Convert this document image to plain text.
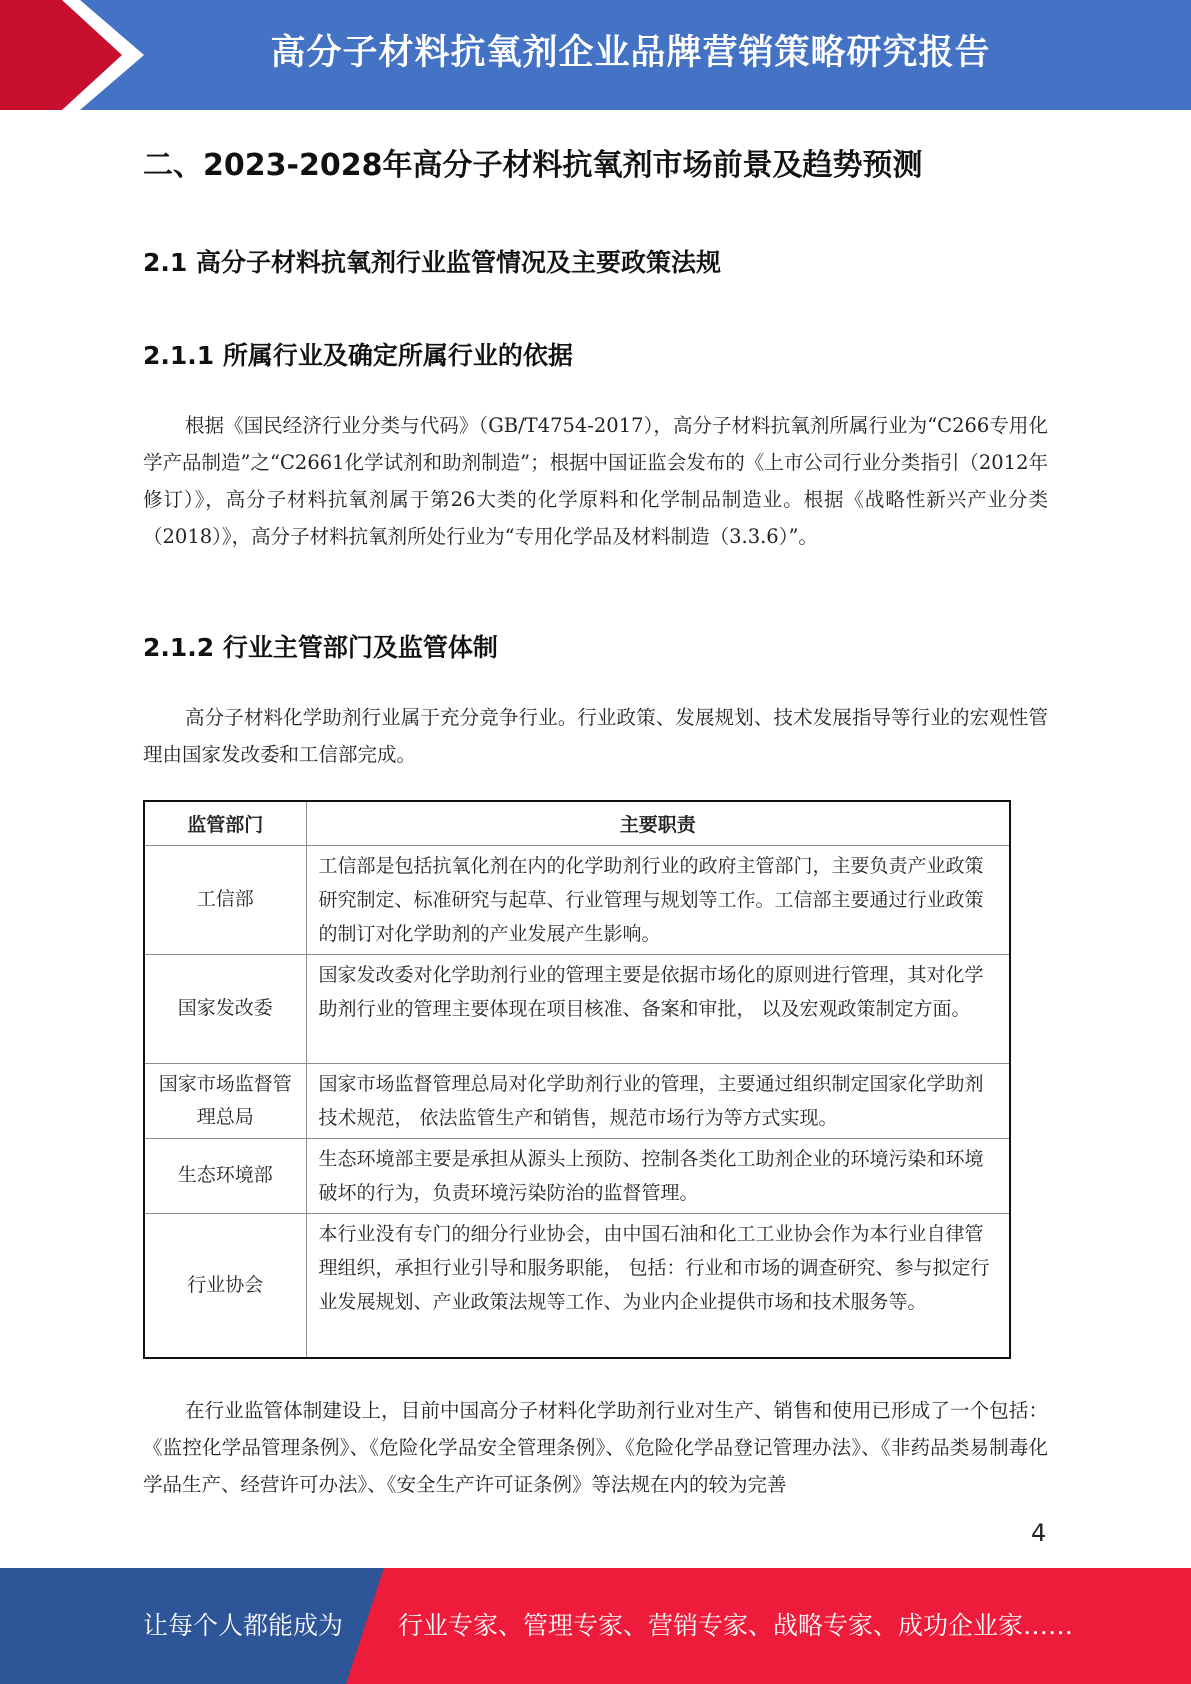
高分子材料抗氧剂企业品牌营销策略研究报告
二、2023-2028年高分子材料抗氧剂市场前景及趋势预测
2.1 高分子材料抗氧剂行业监管情况及主要政策法规
2.1.1 所属行业及确定所属行业的依据
根据《国民经济行业分类与代码》（GB/T4754-2017），高分子材料抗氧剂所属行业为“C266专用化学产品制造”之“C2661化学试剂和助剂制造”；根据中国证监会发布的《上市公司行业分类指引（2012年修订）》，高分子材料抗氧剂属于第26大类的化学原料和化学制品制造业。根据《战略性新兴产业分类（2018）》，高分子材料抗氧剂所处行业为“专用化学品及材料制造（3.3.6）”。
2.1.2 行业主管部门及监管体制
高分子材料化学助剂行业属于充分竞争行业。行业政策、发展规划、技术发展指导等行业的宏观性管理由国家发改委和工信部完成。
监管部门	主要职责
工信部	工信部是包括抗氧化剂在内的化学助剂行业的政府主管部门，主要负责产业政策研究制定、标准研究与起草、行业管理与规划等工作。工信部主要通过行业政策的制订对化学助剂的产业发展产生影响。
国家发改委	国家发改委对化学助剂行业的管理主要是依据市场化的原则进行管理，其对化学助剂行业的管理主要体现在项目核准、备案和审批， 以及宏观政策制定方面。
国家市场监督管理总局	国家市场监督管理总局对化学助剂行业的管理，主要通过组织制定国家化学助剂技术规范， 依法监管生产和销售，规范市场行为等方式实现。
生态环境部	生态环境部主要是承担从源头上预防、控制各类化工助剂企业的环境污染和环境破坏的行为，负责环境污染防治的监督管理。
行业协会	本行业没有专门的细分行业协会，由中国石油和化工工业协会作为本行业自律管理组织，承担行业引导和服务职能， 包括：行业和市场的调查研究、参与拟定行业发展规划、产业政策法规等工作、为业内企业提供市场和技术服务等。
在行业监管体制建设上，目前中国高分子材料化学助剂行业对生产、销售和使用已形成了一个包括：《监控化学品管理条例》、《危险化学品安全管理条例》、《危险化学品登记管理办法》、《非药品类易制毒化学品生产、经营许可办法》、《安全生产许可证条例》等法规在内的较为完善
4
让每个人都能成为 行业专家、管理专家、营销专家、战略专家、成功企业家……
